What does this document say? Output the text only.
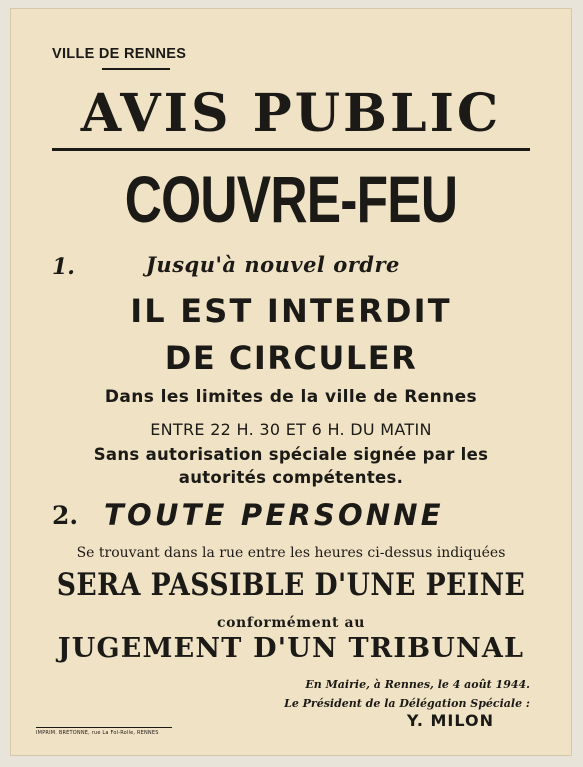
VILLE DE RENNES
AVIS PUBLIC
COUVRE-FEU
1.	Jusqu'à nouvel ordre
IL EST INTERDIT
DE CIRCULER
Dans les limites de la ville de Rennes
ENTRE 22 H. 30 ET 6 H. DU MATIN
Sans autorisation spéciale signée par les
autorités compétentes.
2. TOUTE PERSONNE
Se trouvant dans la rue entre les heures ci-dessus indiquées
SERA PASSIBLE D'UNE PEINE
conformément au
JUGEMENT D'UN TRIBUNAL
En Mairie, à Rennes, le 4 août 1944.
Le Président de la Délégation Spéciale :
Y. MILON
IMPRIM. BRETONNE, rue La Fol-Rolle, RENNES
